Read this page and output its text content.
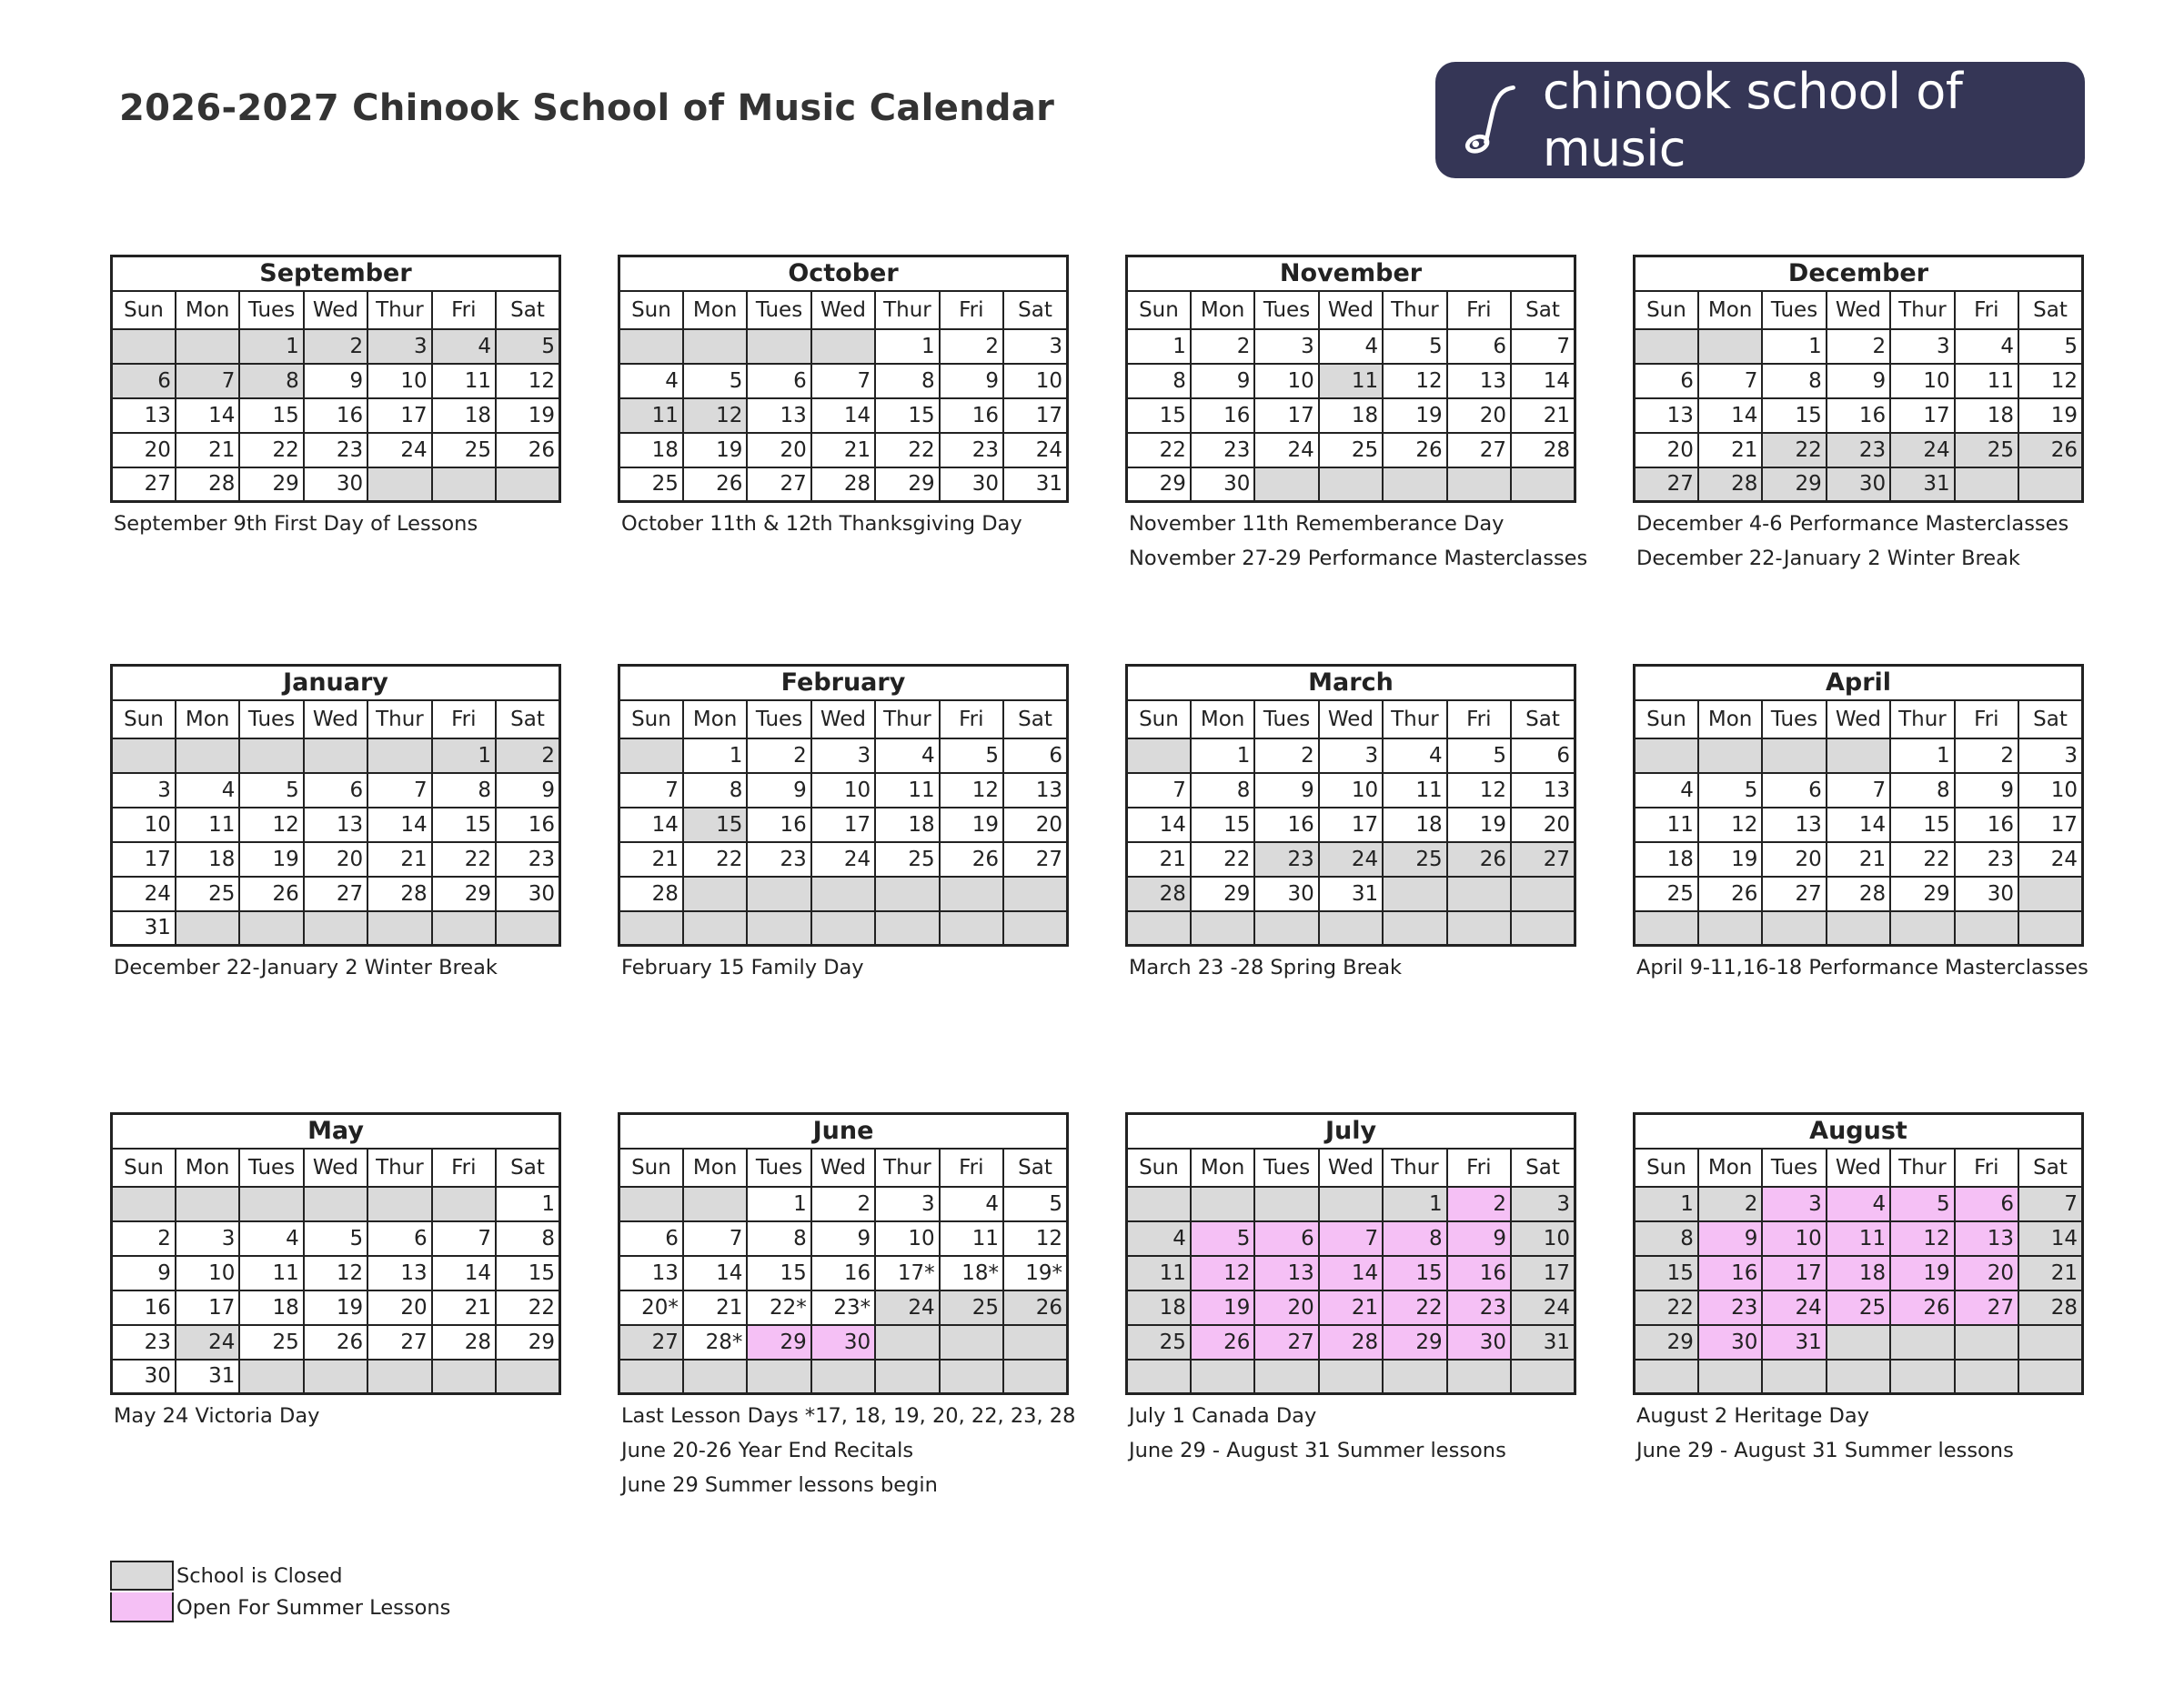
2026-2027 Chinook School of Music Calendar	chinook school of music
September						
Sun	Mon	Tues	Wed	Thur	Fri	Sat
		1	2	3	4	5
6	7	8	9	10	11	12
13	14	15	16	17	18	19
20	21	22	23	24	25	26
27	28	29	30			
September 9th First Day of Lessons
October						
Sun	Mon	Tues	Wed	Thur	Fri	Sat
				1	2	3
4	5	6	7	8	9	10
11	12	13	14	15	16	17
18	19	20	21	22	23	24
25	26	27	28	29	30	31
October 11th & 12th Thanksgiving Day
November						
Sun	Mon	Tues	Wed	Thur	Fri	Sat
1	2	3	4	5	6	7
8	9	10	11	12	13	14
15	16	17	18	19	20	21
22	23	24	25	26	27	28
29	30					
November 11th Rememberance Day
November 27-29 Performance Masterclasses
December						
Sun	Mon	Tues	Wed	Thur	Fri	Sat
		1	2	3	4	5
6	7	8	9	10	11	12
13	14	15	16	17	18	19
20	21	22	23	24	25	26
27	28	29	30	31		
December 4-6 Performance Masterclasses
December 22-January 2 Winter Break
January						
Sun	Mon	Tues	Wed	Thur	Fri	Sat
					1	2
3	4	5	6	7	8	9
10	11	12	13	14	15	16
17	18	19	20	21	22	23
24	25	26	27	28	29	30
31						
December 22-January 2 Winter Break
February						
Sun	Mon	Tues	Wed	Thur	Fri	Sat
	1	2	3	4	5	6
7	8	9	10	11	12	13
14	15	16	17	18	19	20
21	22	23	24	25	26	27
28						

February 15 Family Day
March						
Sun	Mon	Tues	Wed	Thur	Fri	Sat
	1	2	3	4	5	6
7	8	9	10	11	12	13
14	15	16	17	18	19	20
21	22	23	24	25	26	27
28	29	30	31			

March 23 -28 Spring Break
April						
Sun	Mon	Tues	Wed	Thur	Fri	Sat
				1	2	3
4	5	6	7	8	9	10
11	12	13	14	15	16	17
18	19	20	21	22	23	24
25	26	27	28	29	30	

April 9-11,16-18 Performance Masterclasses
May						
Sun	Mon	Tues	Wed	Thur	Fri	Sat
						1
2	3	4	5	6	7	8
9	10	11	12	13	14	15
16	17	18	19	20	21	22
23	24	25	26	27	28	29
30	31					
May 24 Victoria Day
June						
Sun	Mon	Tues	Wed	Thur	Fri	Sat
		1	2	3	4	5
6	7	8	9	10	11	12
13	14	15	16	17*	18*	19*
20*	21	22*	23*	24	25	26
27	28*	29	30			

Last Lesson Days *17, 18, 19, 20, 22, 23, 28
June 20-26 Year End Recitals
June 29 Summer lessons begin
July						
Sun	Mon	Tues	Wed	Thur	Fri	Sat
				1	2	3
4	5	6	7	8	9	10
11	12	13	14	15	16	17
18	19	20	21	22	23	24
25	26	27	28	29	30	31

July 1 Canada Day
June 29 - August 31 Summer lessons
August						
Sun	Mon	Tues	Wed	Thur	Fri	Sat
1	2	3	4	5	6	7
8	9	10	11	12	13	14
15	16	17	18	19	20	21
22	23	24	25	26	27	28
29	30	31				

August 2 Heritage Day
June 29 - August 31 Summer lessons
School is Closed
Open For Summer Lessons
